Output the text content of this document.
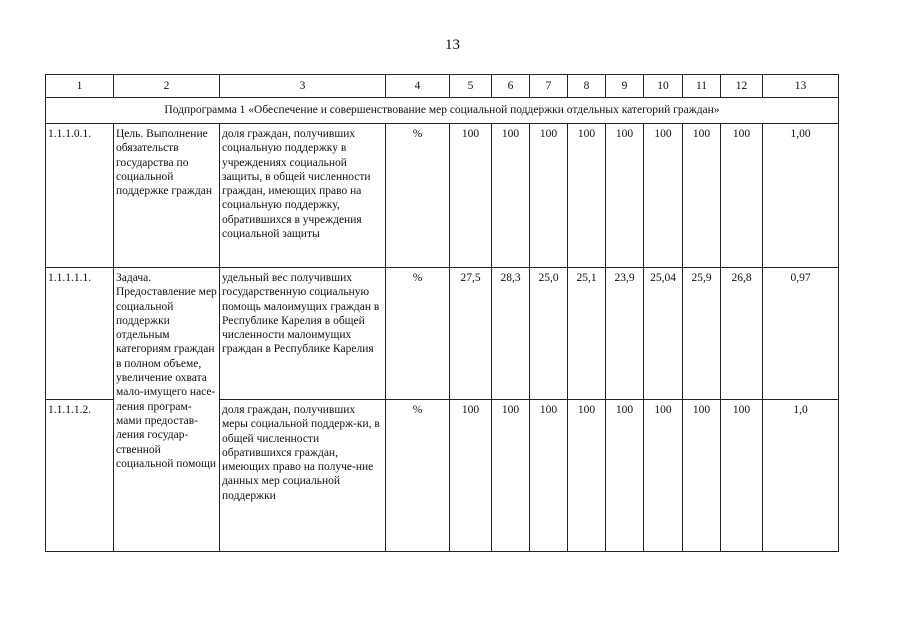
13
1	2	3	4	5	6	7	8	9	10	11	12	13
Подпрограмма 1 «Обеспечение и совершенствование мер социальной поддержки отдельных категорий граждан»												
1.1.1.0.1.	Цель. Выполнение обязательств государства по социальной поддержке граждан	доля граждан, получивших социальную поддержку в учреждениях социальной защиты, в общей численности граждан, имеющих право на социальную поддержку, обратившихся в учреждения социальной защиты	%	100	100	100	100	100	100	100	100	1,00
1.1.1.1.1.	Задача. Предоставление мер социальной поддержки отдельным категориям граждан в полном объеме, увеличение охвата мало-имущего насе-ления програм-мами предостав-ления государ-ственной социальной помощи	удельный вес получивших государственную социальную помощь малоимущих граждан в Республике Карелия в общей численности малоимущих граждан в Республике Карелия	%	27,5	28,3	25,0	25,1	23,9	25,04	25,9	26,8	0,97
1.1.1.1.2.		доля граждан, получивших меры социальной поддерж-ки, в общей численности обратившихся граждан, имеющих право на получе-ние данных мер социальной поддержки	%	100	100	100	100	100	100	100	100	1,0
